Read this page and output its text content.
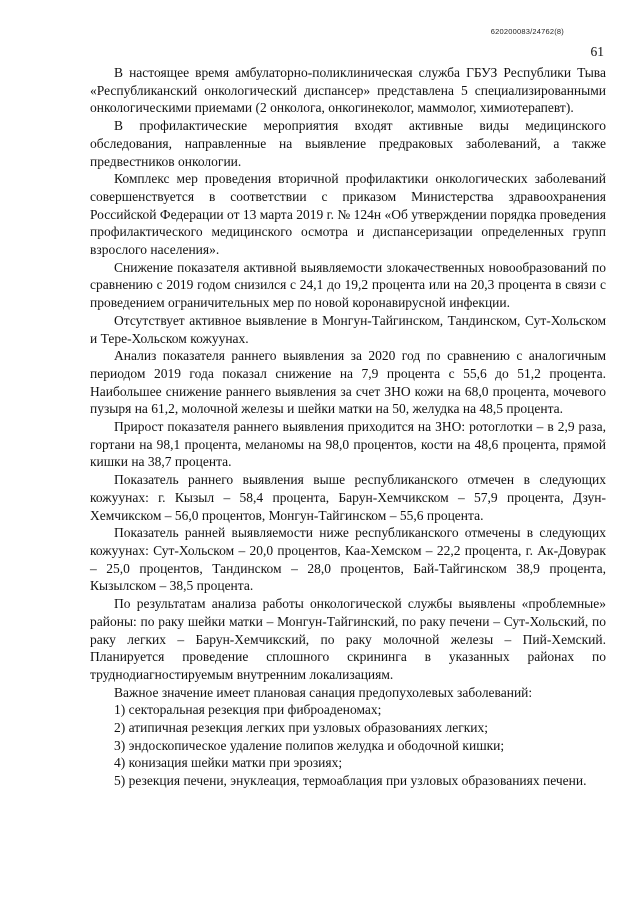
620200083/24762(8)
61

В настоящее время амбулаторно-поликлиническая служба ГБУЗ Республики Тыва «Республиканский онкологический диспансер» представлена 5 специализированными онкологическими приемами (2 онколога, онкогинеколог, маммолог, химиотерапевт).

В профилактические мероприятия входят активные виды медицинского обследования, направленные на выявление предраковых заболеваний, а также предвестников онкологии.

Комплекс мер проведения вторичной профилактики онкологических заболеваний совершенствуется в соответствии с приказом Министерства здравоохранения Российской Федерации от 13 марта 2019 г. № 124н «Об утверждении порядка проведения профилактического медицинского осмотра и диспансеризации определенных групп взрослого населения».

Снижение показателя активной выявляемости злокачественных новообразований по сравнению с 2019 годом снизился с 24,1 до 19,2 процента или на 20,3 процента в связи с проведением ограничительных мер по новой коронавирусной инфекции.

Отсутствует активное выявление в Монгун-Тайгинском, Тандинском, Сут-Хольском и Тере-Хольском кожуунах.

Анализ показателя раннего выявления за 2020 год по сравнению с аналогичным периодом 2019 года показал снижение на 7,9 процента с 55,6 до 51,2 процента. Наибольшее снижение раннего выявления за счет ЗНО кожи на 68,0 процента, мочевого пузыря на 61,2, молочной железы и шейки матки на 50, желудка на 48,5 процента.

Прирост показателя раннего выявления приходится на ЗНО: ротоглотки – в 2,9 раза, гортани на 98,1 процента, меланомы на 98,0 процентов, кости на 48,6 процента, прямой кишки на 38,7 процента.

Показатель раннего выявления выше республиканского отмечен в следующих кожуунах: г. Кызыл – 58,4 процента, Барун-Хемчикском – 57,9 процента, Дзун-Хемчикском – 56,0 процентов, Монгун-Тайгинском – 55,6 процента.

Показатель ранней выявляемости ниже республиканского отмечены в следующих кожуунах: Сут-Хольском – 20,0 процентов, Каа-Хемском – 22,2 процента, г. Ак-Довурак – 25,0 процентов, Тандинском – 28,0 процентов, Бай-Тайгинском 38,9 процента, Кызылском – 38,5 процента.

По результатам анализа работы онкологической службы выявлены «проблемные» районы: по раку шейки матки – Монгун-Тайгинский, по раку печени – Сут-Хольский, по раку легких – Барун-Хемчикский, по раку молочной железы – Пий-Хемский. Планируется проведение сплошного скрининга в указанных районах по труднодиагностируемым внутренним локализациям.

Важное значение имеет плановая санация предопухолевых заболеваний:

1) секторальная резекция при фиброаденомах;

2) атипичная резекция легких при узловых образованиях легких;

3) эндоскопическое удаление полипов желудка и ободочной кишки;

4) конизация шейки матки при эрозиях;

5) резекция печени, энуклеация, термоаблация при узловых образованиях печени.
